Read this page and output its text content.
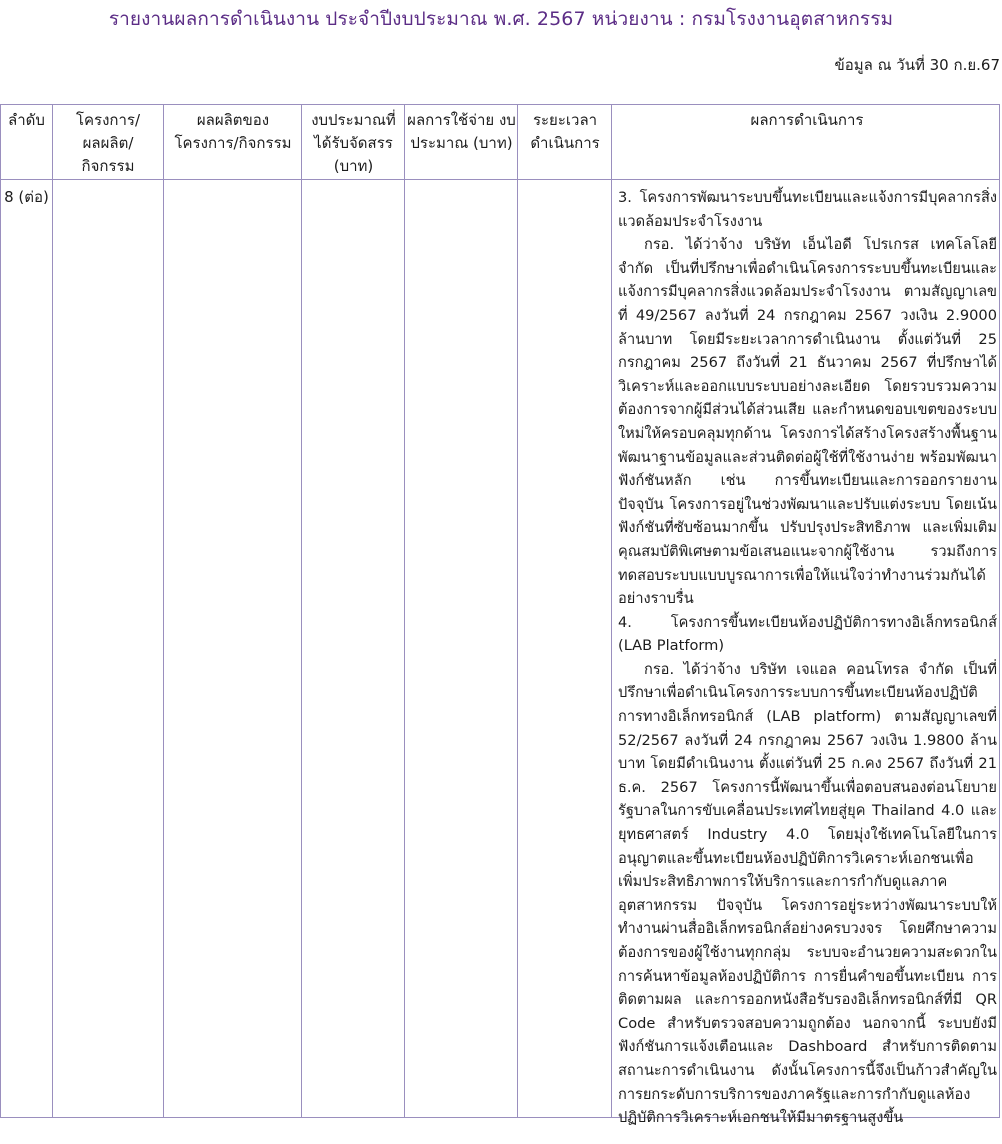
รายงานผลการดำเนินงาน ประจำปีงบประมาณ พ.ศ. 2567 หน่วยงาน : กรมโรงงานอุตสาหกรรม
ข้อมูล ณ วันที่ 30 ก.ย.67
ลำดับ	โครงการ/ ผลผลิต/ กิจกรรม
ผลผลิตของ โครงการ/กิจกรรม
งบประมาณที่ ได้รับจัดสรร (บาท)
ผลการใช้จ่าย งบประมาณ (บาท)
ระยะเวลา ดำเนินการ
ผลการดำเนินการ
8 (ต่อ)	3. โครงการพัฒนาระบบขึ้นทะเบียนและแจ้งการมีบุคลากรสิ่งแวดล้อมประจำโรงงาน

กรอ. ได้ว่าจ้าง บริษัท เอ็นไอดี โปรเกรส เทคโลโลยี จำกัด เป็นที่ปรึกษาเพื่อดำเนินโครงการระบบขึ้นทะเบียนและแจ้งการมีบุคลากรสิ่งแวดล้อมประจำโรงงาน ตามสัญญาเลขที่ 49/2567 ลงวันที่ 24 กรกฎาคม 2567 วงเงิน 2.9000 ล้านบาท โดยมีระยะเวลาการดำเนินงาน ตั้งแต่วันที่ 25 กรกฎาคม 2567 ถึงวันที่ 21 ธันวาคม 2567 ที่ปรึกษาได้วิเคราะห์และออกแบบระบบอย่างละเอียด โดยรวบรวมความต้องการจากผู้มีส่วนได้ส่วนเสีย และกำหนดขอบเขตของระบบใหม่ให้ครอบคลุมทุกด้าน โครงการได้สร้างโครงสร้างพื้นฐาน พัฒนาฐานข้อมูลและส่วนติดต่อผู้ใช้ที่ใช้งานง่าย พร้อมพัฒนาฟังก์ชันหลัก เช่น การขึ้นทะเบียนและการออกรายงาน ปัจจุบัน โครงการอยู่ในช่วงพัฒนาและปรับแต่งระบบ โดยเน้นฟังก์ชันที่ซับซ้อนมากขึ้น ปรับปรุงประสิทธิภาพ และเพิ่มเติมคุณสมบัติพิเศษตามข้อเสนอแนะจากผู้ใช้งาน รวมถึงการทดสอบระบบแบบบูรณาการเพื่อให้แน่ใจว่าทำงานร่วมกันได้อย่างราบรื่น

4. โครงการขึ้นทะเบียนห้องปฏิบัติการทางอิเล็กทรอนิกส์ (LAB Platform)

กรอ. ได้ว่าจ้าง บริษัท เจแอล คอนโทรล จำกัด เป็นที่ปรึกษาเพื่อดำเนินโครงการระบบการขึ้นทะเบียนห้องปฏิบัติการทางอิเล็กทรอนิกส์ (LAB platform) ตามสัญญาเลขที่ 52/2567 ลงวันที่ 24 กรกฎาคม 2567 วงเงิน 1.9800 ล้านบาท โดยมีดำเนินงาน ตั้งแต่วันที่ 25 ก.คง 2567 ถึงวันที่ 21 ธ.ค. 2567 โครงการนี้พัฒนาขึ้นเพื่อตอบสนองต่อนโยบายรัฐบาลในการขับเคลื่อนประเทศไทยสู่ยุค Thailand 4.0 และยุทธศาสตร์ Industry 4.0 โดยมุ่งใช้เทคโนโลยีในการอนุญาตและขึ้นทะเบียนห้องปฏิบัติการวิเคราะห์เอกชนเพื่อเพิ่มประสิทธิภาพการให้บริการและการกำกับดูแลภาคอุตสาหกรรม ปัจจุบัน โครงการอยู่ระหว่างพัฒนาระบบให้ทำงานผ่านสื่ออิเล็กทรอนิกส์อย่างครบวงจร โดยศึกษาความต้องการของผู้ใช้งานทุกกลุ่ม ระบบจะอำนวยความสะดวกในการค้นหาข้อมูลห้องปฏิบัติการ การยื่นคำขอขึ้นทะเบียน การติดตามผล และการออกหนังสือรับรองอิเล็กทรอนิกส์ที่มี QR Code สำหรับตรวจสอบความถูกต้อง นอกจากนี้ ระบบยังมีฟังก์ชันการแจ้งเตือนและ Dashboard สำหรับการติดตามสถานะการดำเนินงาน ดังนั้นโครงการนี้จึงเป็นก้าวสำคัญในการยกระดับการบริการของภาครัฐและการกำกับดูแลห้องปฏิบัติการวิเคราะห์เอกชนให้มีมาตรฐานสูงขึ้น
